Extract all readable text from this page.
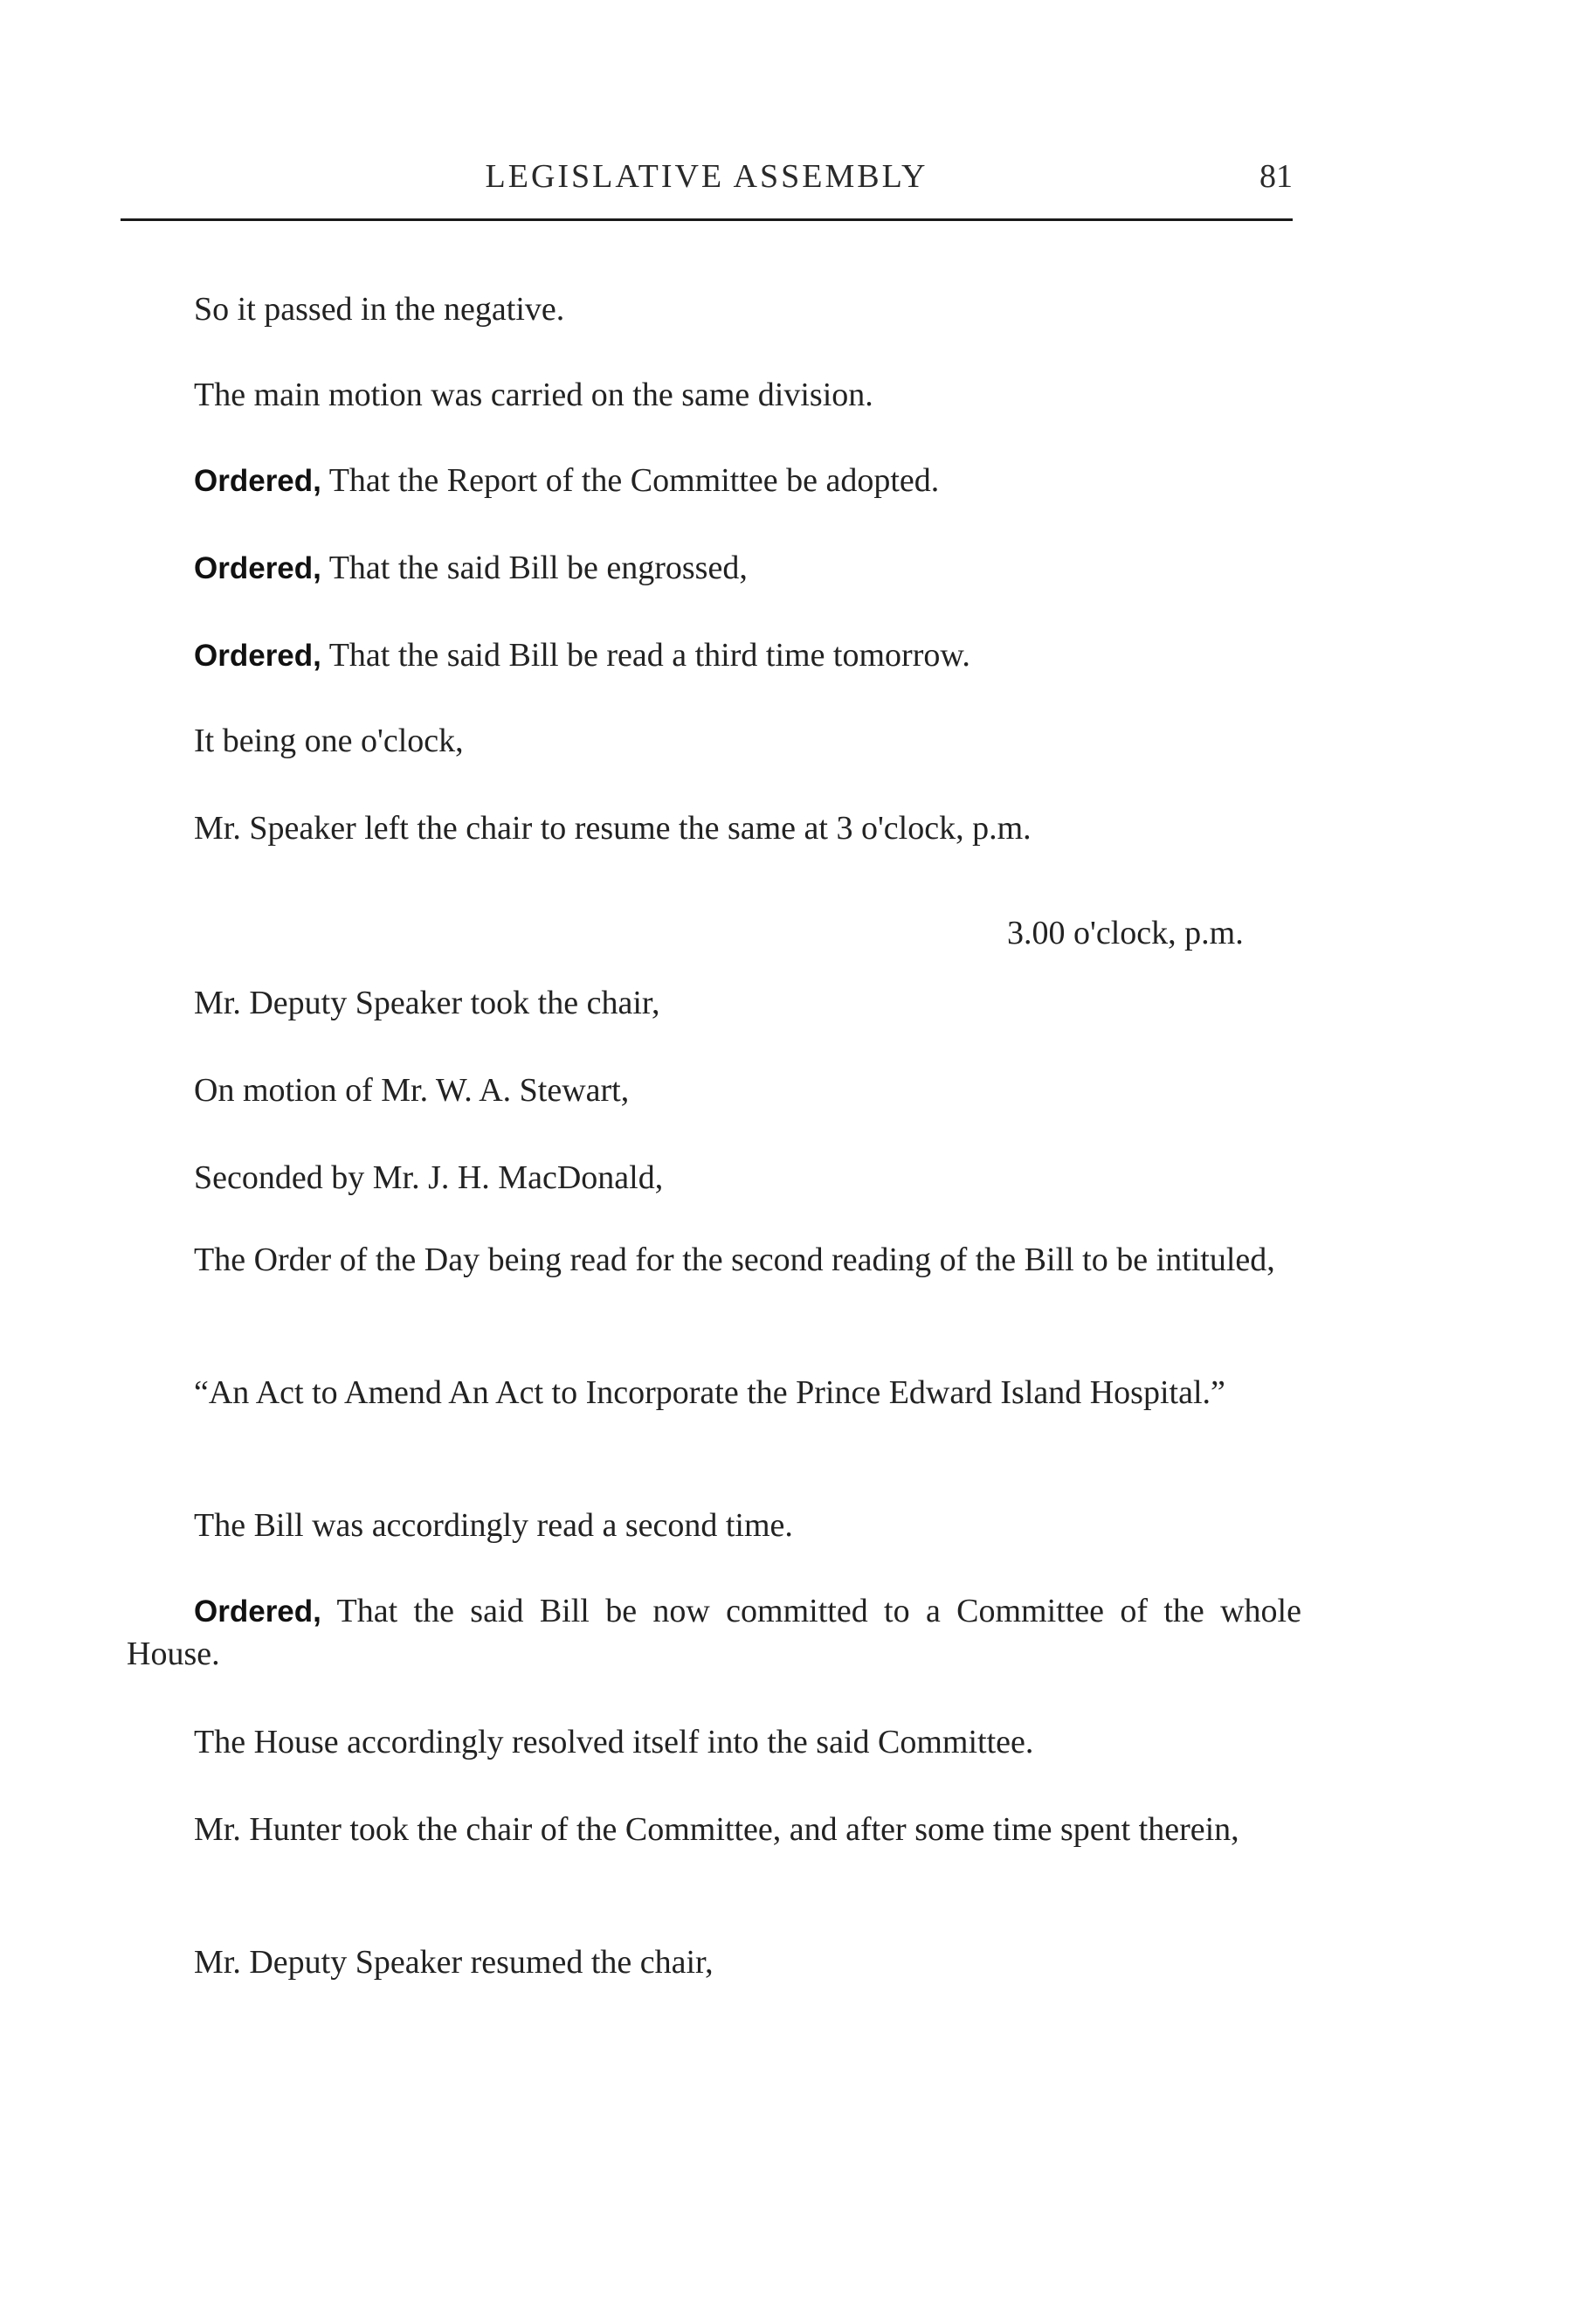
LEGISLATIVE ASSEMBLY	81
So it passed in the negative.
The main motion was carried on the same division.
Ordered, That the Report of the Committee be adopted.
Ordered, That the said Bill be engrossed,
Ordered, That the said Bill be read a third time tomorrow.
It being one o'clock,
Mr. Speaker left the chair to resume the same at 3 o'clock, p.m.
3.00 o'clock, p.m.
Mr. Deputy Speaker took the chair,
On motion of Mr. W. A. Stewart,
Seconded by Mr. J. H. MacDonald,
The Order of the Day being read for the second reading of the Bill to be intituled,
“An Act to Amend An Act to Incorporate the Prince Edward Island Hospital.”
The Bill was accordingly read a second time.
Ordered, That the said Bill be now committed to a Committee of the whole House.
The House accordingly resolved itself into the said Committee.
Mr. Hunter took the chair of the Committee, and after some time spent therein,
Mr. Deputy Speaker resumed the chair,
